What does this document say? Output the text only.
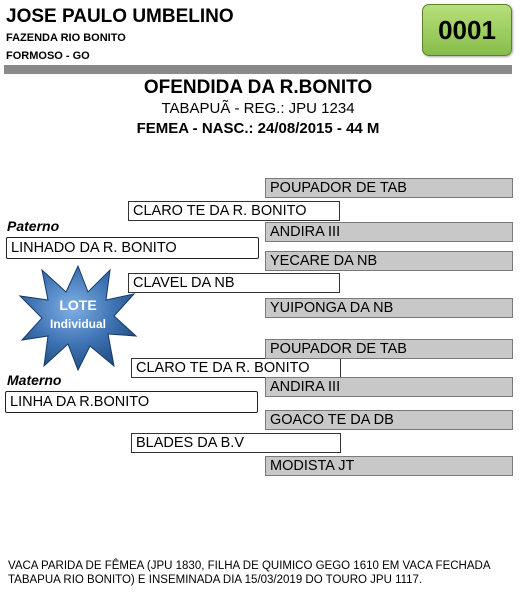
JOSE PAULO UMBELINO
FAZENDA RIO BONITO
FORMOSO - GO
0001
OFENDIDA DA R.BONITO
TABAPUÃ - REG.: JPU 1234
FEMEA - NASC.: 24/08/2015 - 44 M
Paterno
LINHADO DA R. BONITO
CLARO TE DA R. BONITO
CLAVEL DA NB
POUPADOR DE TAB
ANDIRA III
YECARE DA NB
YUIPONGA DA NB
Materno
LINHA DA R.BONITO
CLARO TE DA R. BONITO
BLADES DA B.V
POUPADOR DE TAB
ANDIRA III
GOACO TE DA DB
MODISTA JT
LOTE
Individual
VACA PARIDA DE FÊMEA (JPU 1830, FILHA DE QUIMICO GEGO 1610 EM VACA FECHADA TABAPUA RIO BONITO) E INSEMINADA DIA 15/03/2019 DO TOURO JPU 1117.
